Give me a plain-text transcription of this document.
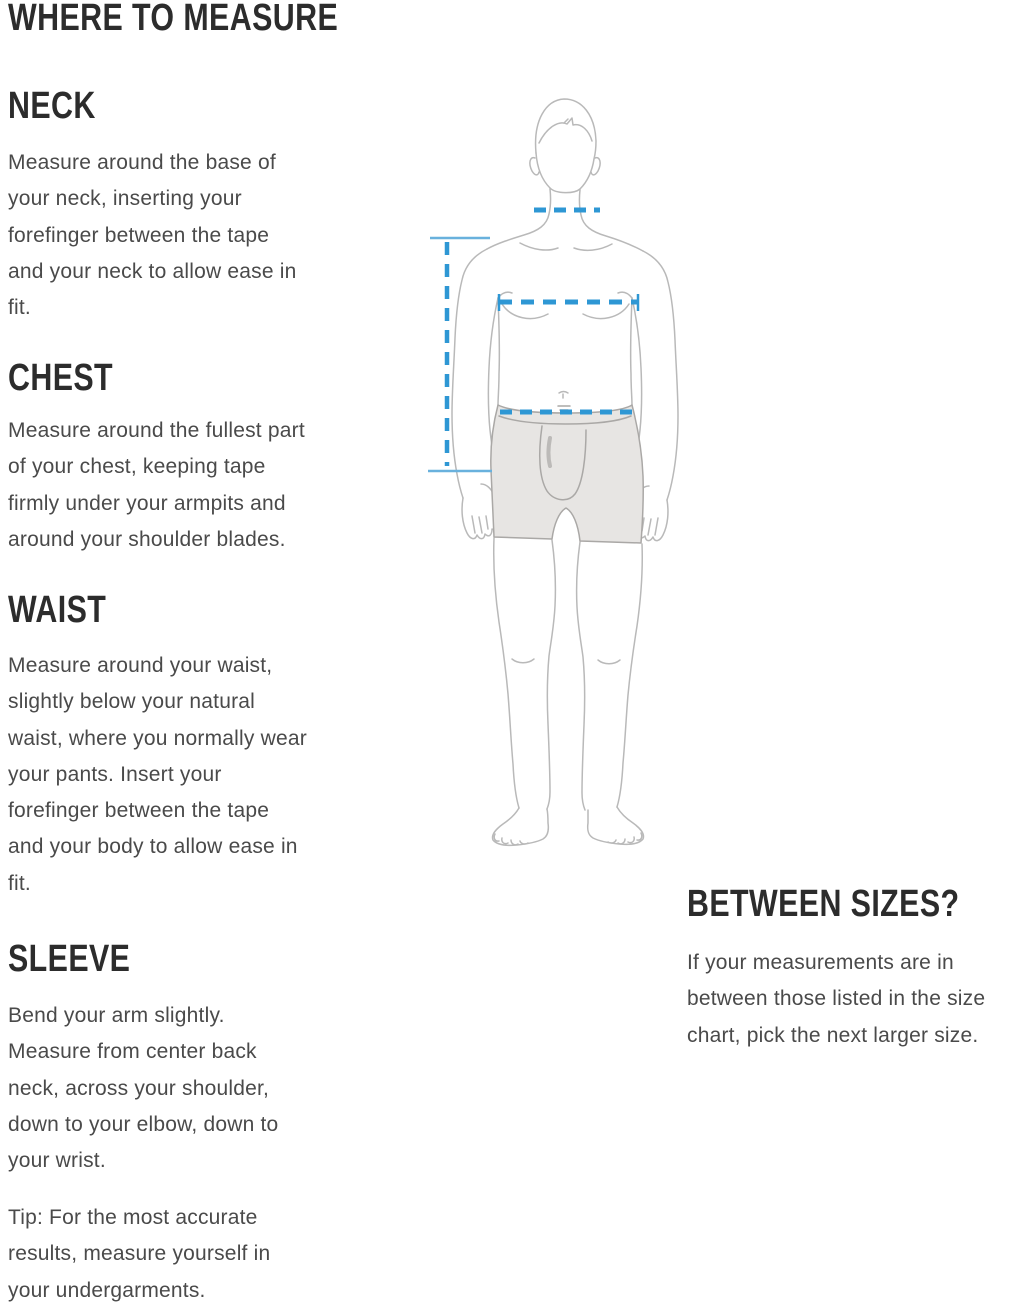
WHERE TO MEASURE
NECK
Measure around the base of
your neck, inserting your
forefinger between the tape
and your neck to allow ease in
fit.
CHEST
Measure around the fullest part
of your chest, keeping tape
firmly under your armpits and
around your shoulder blades.
WAIST
Measure around your waist,
slightly below your natural
waist, where you normally wear
your pants. Insert your
forefinger between the tape
and your body to allow ease in
fit.
SLEEVE
Bend your arm slightly.
Measure from center back
neck, across your shoulder,
down to your elbow, down to
your wrist.
Tip: For the most accurate
results, measure yourself in
your undergarments.
BETWEEN SIZES?
If your measurements are in
between those listed in the size
chart, pick the next larger size.
